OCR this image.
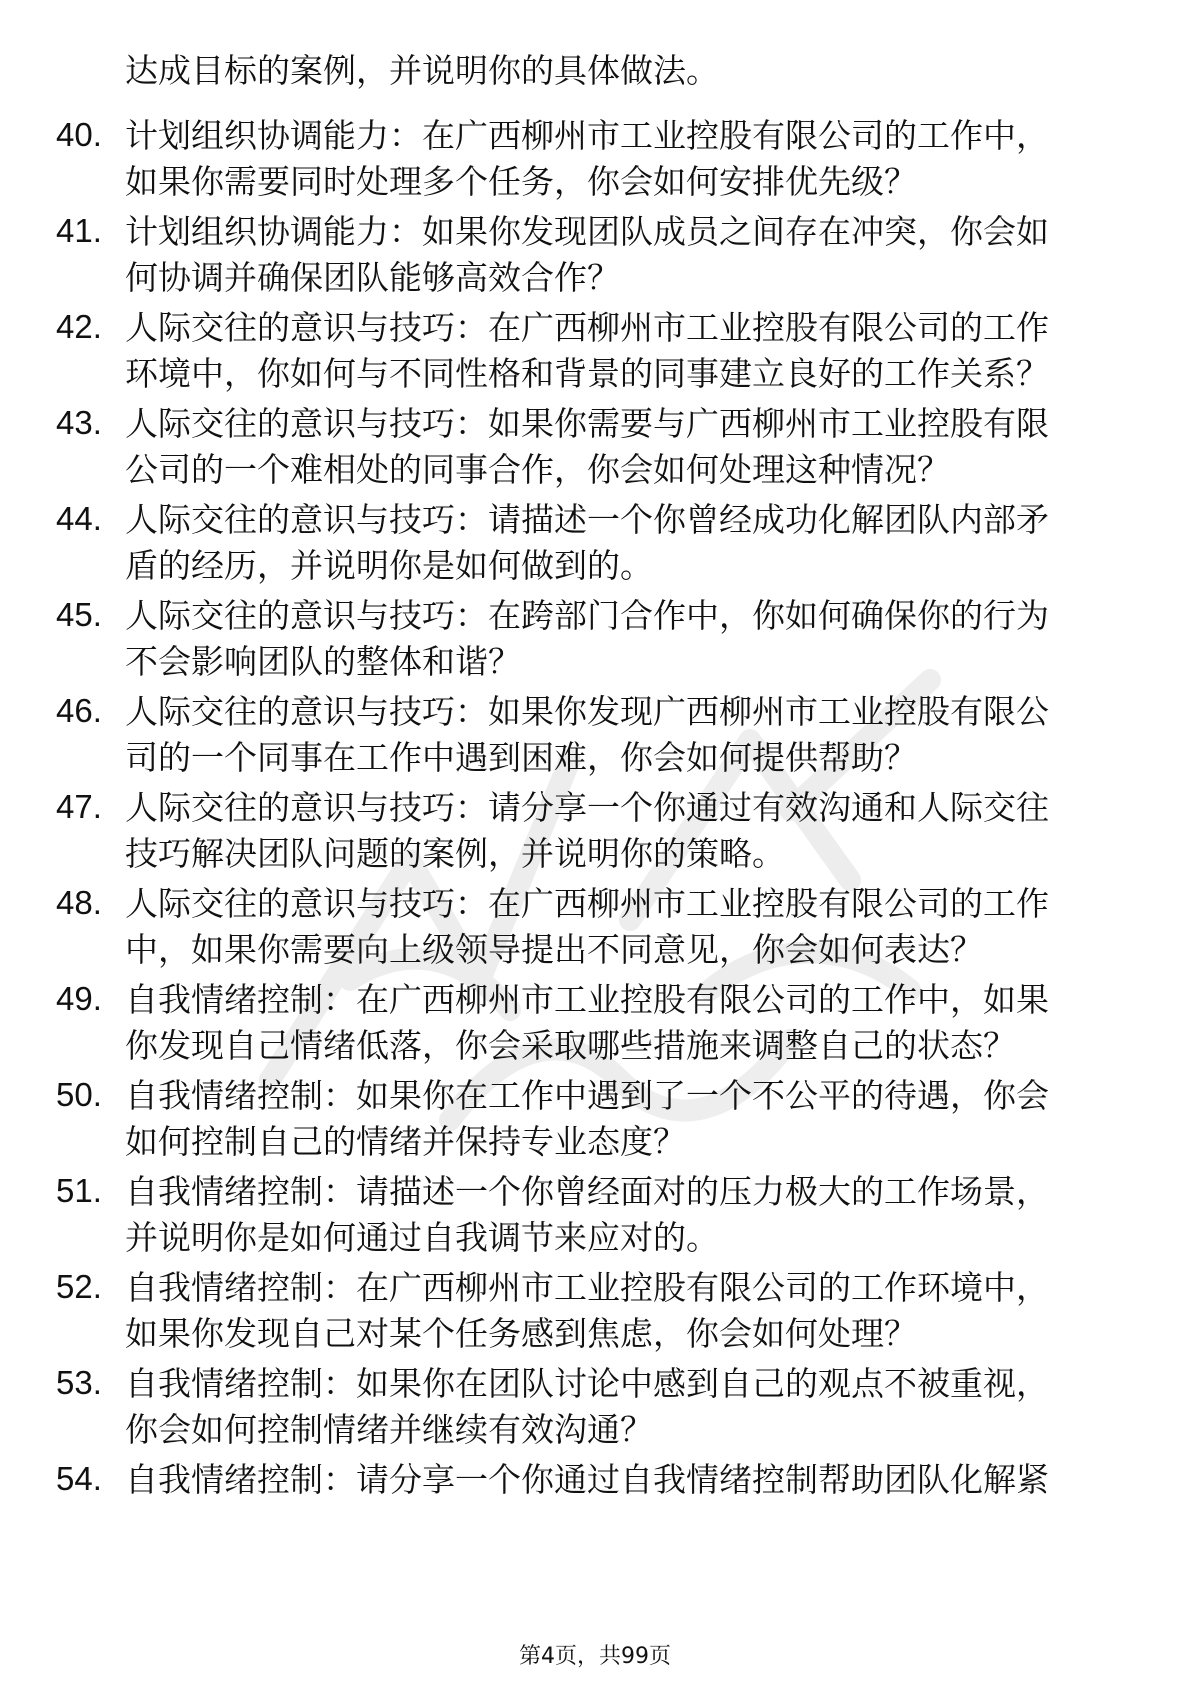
达成目标的案例，并说明你的具体做法。
40. 计划组织协调能力：在广西柳州市工业控股有限公司的工作中，
如果你需要同时处理多个任务，你会如何安排优先级？
41. 计划组织协调能力：如果你发现团队成员之间存在冲突，你会如
何协调并确保团队能够高效合作？
42. 人际交往的意识与技巧：在广西柳州市工业控股有限公司的工作
环境中，你如何与不同性格和背景的同事建立良好的工作关系？
43. 人际交往的意识与技巧：如果你需要与广西柳州市工业控股有限
公司的一个难相处的同事合作，你会如何处理这种情况？
44. 人际交往的意识与技巧：请描述一个你曾经成功化解团队内部矛
盾的经历，并说明你是如何做到的。
45. 人际交往的意识与技巧：在跨部门合作中，你如何确保你的行为
不会影响团队的整体和谐？
46. 人际交往的意识与技巧：如果你发现广西柳州市工业控股有限公
司的一个同事在工作中遇到困难，你会如何提供帮助？
47. 人际交往的意识与技巧：请分享一个你通过有效沟通和人际交往
技巧解决团队问题的案例，并说明你的策略。
48. 人际交往的意识与技巧：在广西柳州市工业控股有限公司的工作
中，如果你需要向上级领导提出不同意见，你会如何表达？
49. 自我情绪控制：在广西柳州市工业控股有限公司的工作中，如果
你发现自己情绪低落，你会采取哪些措施来调整自己的状态？
50. 自我情绪控制：如果你在工作中遇到了一个不公平的待遇，你会
如何控制自己的情绪并保持专业态度？
51. 自我情绪控制：请描述一个你曾经面对的压力极大的工作场景，
并说明你是如何通过自我调节来应对的。
52. 自我情绪控制：在广西柳州市工业控股有限公司的工作环境中，
如果你发现自己对某个任务感到焦虑，你会如何处理？
53. 自我情绪控制：如果你在团队讨论中感到自己的观点不被重视，
你会如何控制情绪并继续有效沟通？
54. 自我情绪控制：请分享一个你通过自我情绪控制帮助团队化解紧
第4页，共99页
